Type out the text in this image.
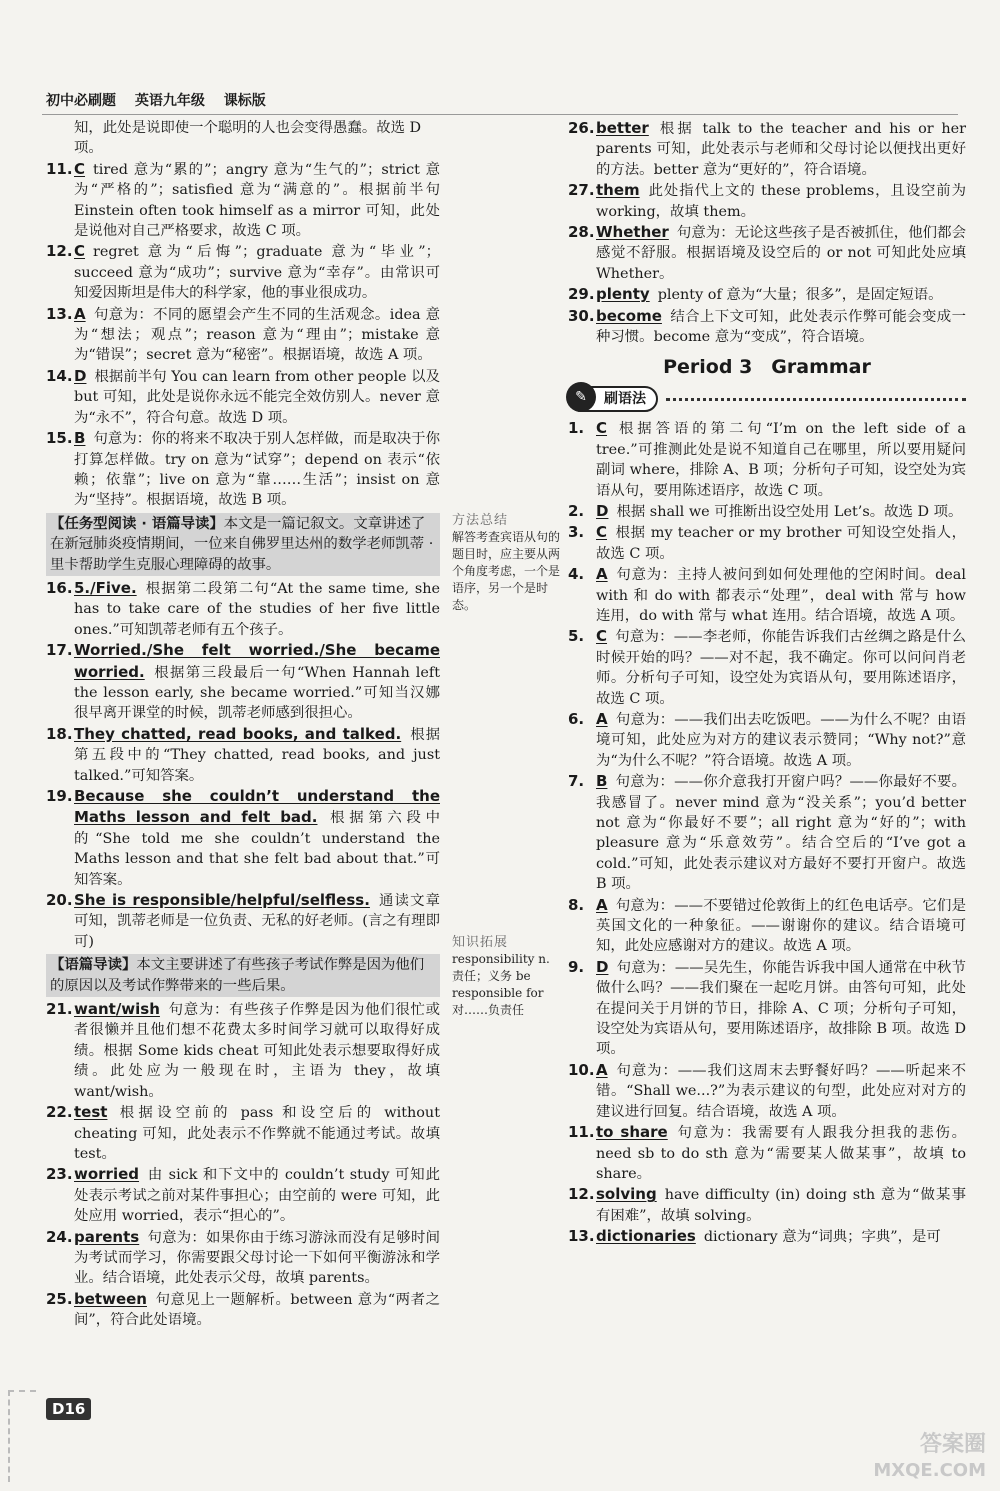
初中必刷题 英语九年级 课标版
知，此处是说即使一个聪明的人也会变得愚蠢。故选 D 项。
11. C tired 意为“累的”；angry 意为“生气的”；strict 意为“严格的”；satisfied 意为“满意的”。根据前半句 Einstein often took himself as a mirror 可知，此处是说他对自己严格要求，故选 C 项。
12. C regret 意为“后悔”；graduate 意为“毕业”；succeed 意为“成功”；survive 意为“幸存”。由常识可知爱因斯坦是伟大的科学家，他的事业很成功。
13. A 句意为：不同的愿望会产生不同的生活观念。idea 意为“想法；观点”；reason 意为“理由”；mistake 意为“错误”；secret 意为“秘密”。根据语境，故选 A 项。
14. D 根据前半句 You can learn from other people 以及 but 可知，此处是说你永远不能完全效仿别人。never 意为“永不”，符合句意。故选 D 项。
15. B 句意为：你的将来不取决于别人怎样做，而是取决于你打算怎样做。try on 意为“试穿”；depend on 表示“依赖；依靠”；live on 意为“靠……生活”；insist on 意为“坚持”。根据语境，故选 B 项。
【任务型阅读 · 语篇导读】本文是一篇记叙文。文章讲述了在新冠肺炎疫情期间，一位来自佛罗里达州的数学老师凯蒂 · 里卡帮助学生克服心理障碍的故事。
16. 5./Five. 根据第二段第二句“At the same time, she has to take care of the studies of her five little ones.”可知凯蒂老师有五个孩子。
17. Worried./She felt worried./She became worried. 根据第三段最后一句“When Hannah left the lesson early, she became worried.”可知当汉娜很早离开课堂的时候，凯蒂老师感到很担心。
18. They chatted, read books, and talked. 根据第五段中的“They chatted, read books, and just talked.”可知答案。
19. Because she couldn’t understand the Maths lesson and felt bad. 根据第六段中的“She told me she couldn’t understand the Maths lesson and that she felt bad about that.”可知答案。
20. She is responsible/helpful/selfless. 通读文章可知，凯蒂老师是一位负责、无私的好老师。(言之有理即可)
【语篇导读】本文主要讲述了有些孩子考试作弊是因为他们的原因以及考试作弊带来的一些后果。
21. want/wish 句意为：有些孩子作弊是因为他们很忙或者很懒并且他们想不花费太多时间学习就可以取得好成绩。根据 Some kids cheat 可知此处表示想要取得好成绩。此处应为一般现在时，主语为 they，故填 want/wish。
22. test 根据设空前的 pass 和设空后的 without cheating 可知，此处表示不作弊就不能通过考试。故填 test。
23. worried 由 sick 和下文中的 couldn’t study 可知此处表示考试之前对某件事担心；由空前的 were 可知，此处应用 worried，表示“担心的”。
24. parents 句意为：如果你由于练习游泳而没有足够时间为考试而学习，你需要跟父母讨论一下如何平衡游泳和学业。结合语境，此处表示父母，故填 parents。
25. between 句意见上一题解析。between 意为“两者之间”，符合此处语境。
方法总结
解答考查宾语从句的题目时，应主要从两个角度考虑，一个是语序，另一个是时态。
知识拓展
responsibility n. 责任；义务 be responsible for 对……负责任
26. better 根据 talk to the teacher and his or her parents 可知，此处表示与老师和父母讨论以便找出更好的方法。better 意为“更好的”，符合语境。
27. them 此处指代上文的 these problems，且设空前为 working，故填 them。
28. Whether 句意为：无论这些孩子是否被抓住，他们都会感觉不舒服。根据语境及设空后的 or not 可知此处应填 Whether。
29. plenty plenty of 意为“大量；很多”，是固定短语。
30. become 结合上下文可知，此处表示作弊可能会变成一种习惯。become 意为“变成”，符合语境。
Period 3　Grammar
✎	刷语法
1. C 根据答语的第二句“I’m on the left side of a tree.”可推测此处是说不知道自己在哪里，所以要用疑问副词 where，排除 A、B 项；分析句子可知，设空处为宾语从句，要用陈述语序，故选 C 项。
2. D 根据 shall we 可推断出设空处用 Let’s。故选 D 项。
3. C 根据 my teacher or my brother 可知设空处指人，故选 C 项。
4. A 句意为：主持人被问到如何处理他的空闲时间。deal with 和 do with 都表示“处理”，deal with 常与 how 连用，do with 常与 what 连用。结合语境，故选 A 项。
5. C 句意为：——李老师，你能告诉我们古丝绸之路是什么时候开始的吗？——对不起，我不确定。你可以问问肖老师。分析句子可知，设空处为宾语从句，要用陈述语序，故选 C 项。
6. A 句意为：——我们出去吃饭吧。——为什么不呢？由语境可知，此处应为对方的建议表示赞同；“Why not?”意为“为什么不呢？”符合语境。故选 A 项。
7. B 句意为：——你介意我打开窗户吗？——你最好不要。我感冒了。never mind 意为“没关系”；you’d better not 意为“你最好不要”；all right 意为“好的”；with pleasure 意为“乐意效劳”。结合空后的“I’ve got a cold.”可知，此处表示建议对方最好不要打开窗户。故选 B 项。
8. A 句意为：——不要错过伦敦街上的红色电话亭。它们是英国文化的一种象征。——谢谢你的建议。结合语境可知，此处应感谢对方的建议。故选 A 项。
9. D 句意为：——吴先生，你能告诉我中国人通常在中秋节做什么吗？——我们聚在一起吃月饼。由答句可知，此处在提问关于月饼的节日，排除 A、C 项；分析句子可知，设空处为宾语从句，要用陈述语序，故排除 B 项。故选 D 项。
10. A 句意为：——我们这周末去野餐好吗？——听起来不错。“Shall we...?”为表示建议的句型，此处应对对方的建议进行回复。结合语境，故选 A 项。
11. to share 句意为：我需要有人跟我分担我的悲伤。need sb to do sth 意为“需要某人做某事”，故填 to share。
12. solving have difficulty (in) doing sth 意为“做某事有困难”，故填 solving。
13. dictionaries dictionary 意为“词典；字典”，是可
D16
答案圈
MXQE.COM
